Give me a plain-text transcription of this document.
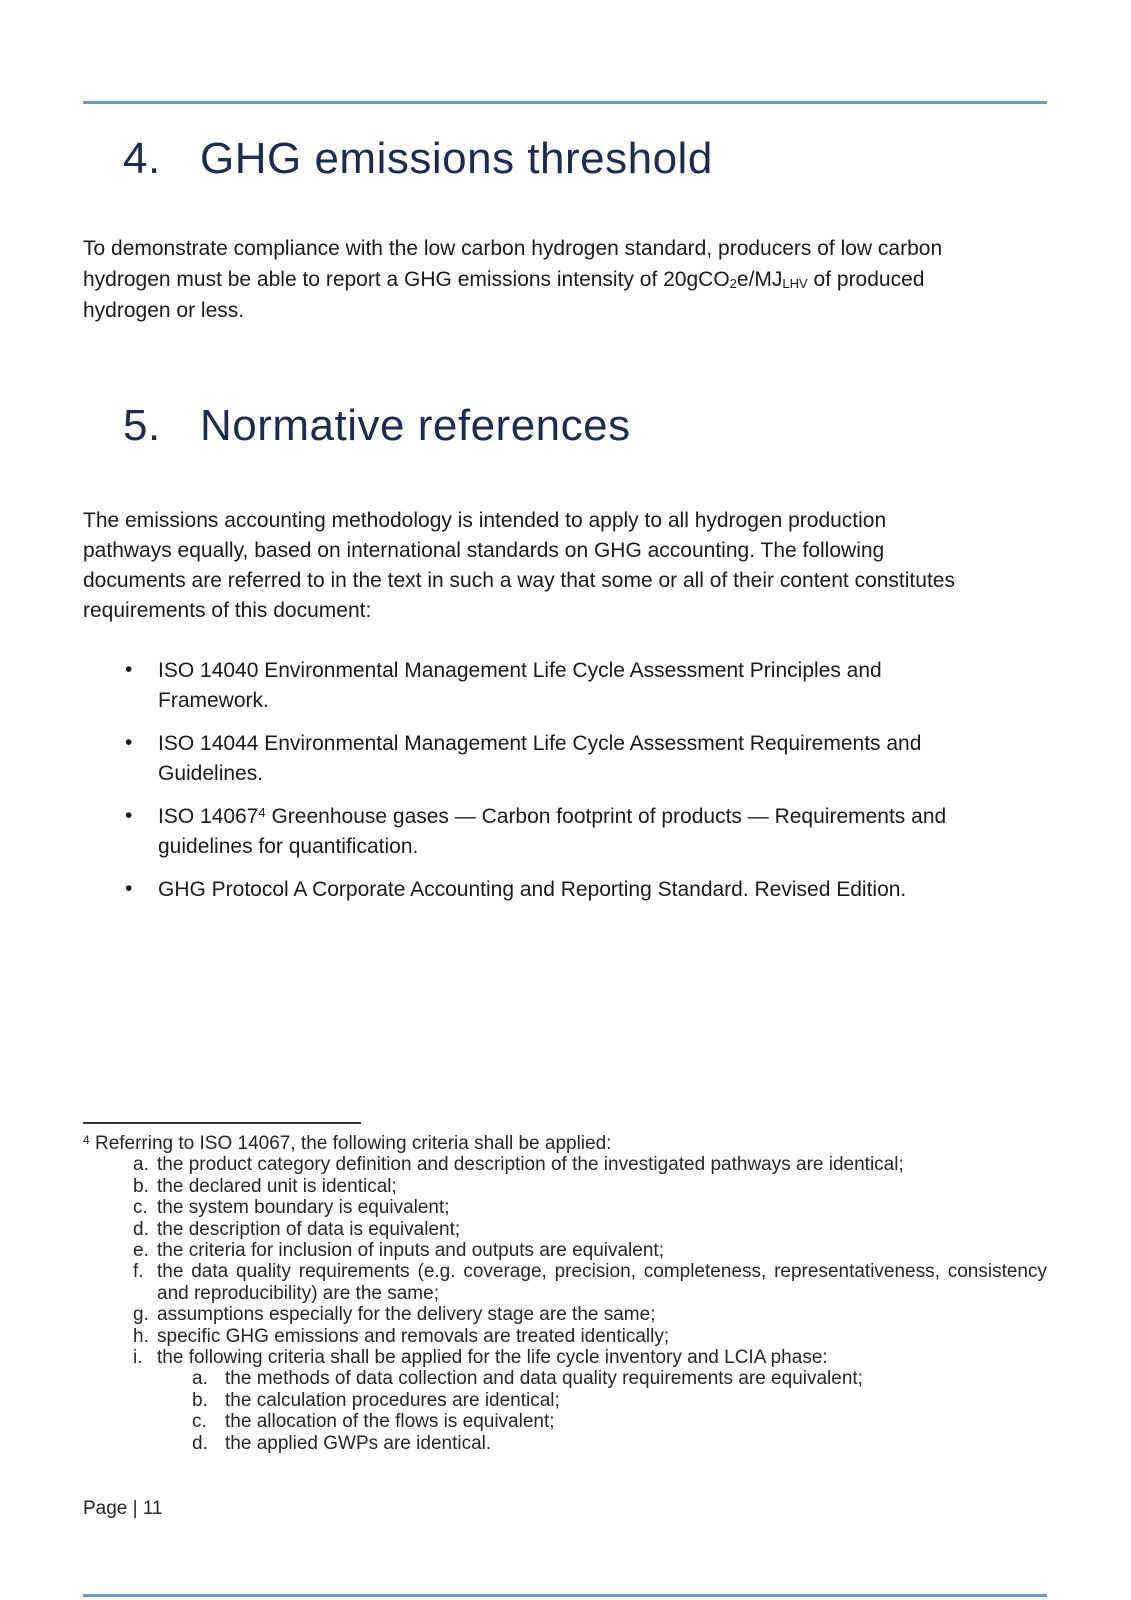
4. GHG emissions threshold
To demonstrate compliance with the low carbon hydrogen standard, producers of low carbon
hydrogen must be able to report a GHG emissions intensity of $20gCO_2e/MJ_{LHV}$ of produced
hydrogen or less.
5. Normative references
The emissions accounting methodology is intended to apply to all hydrogen production
pathways equally, based on international standards on GHG accounting. The following
documents are referred to in the text in such a way that some or all of their content constitutes
requirements of this document:
• ISO 14040 Environmental Management Life Cycle Assessment Principles and
Framework.
• ISO 14044 Environmental Management Life Cycle Assessment Requirements and
Guidelines.
• ISO 14067$^4$ Greenhouse gases — Carbon footprint of products — Requirements and
guidelines for quantification.
• GHG Protocol A Corporate Accounting and Reporting Standard. Revised Edition.
$^4$ Referring to ISO 14067, the following criteria shall be applied:
a. the product category definition and description of the investigated pathways are identical;
b. the declared unit is identical;
c. the system boundary is equivalent;
d. the description of data is equivalent;
e. the criteria for inclusion of inputs and outputs are equivalent;
f. the data quality requirements (e.g. coverage, precision, completeness, representativeness, consistency
and reproducibility) are the same;
g. assumptions especially for the delivery stage are the same;
h. specific GHG emissions and removals are treated identically;
i. the following criteria shall be applied for the life cycle inventory and LCIA phase:
a. the methods of data collection and data quality requirements are equivalent;
b. the calculation procedures are identical;
c. the allocation of the flows is equivalent;
d. the applied GWPs are identical.
Page | 11
